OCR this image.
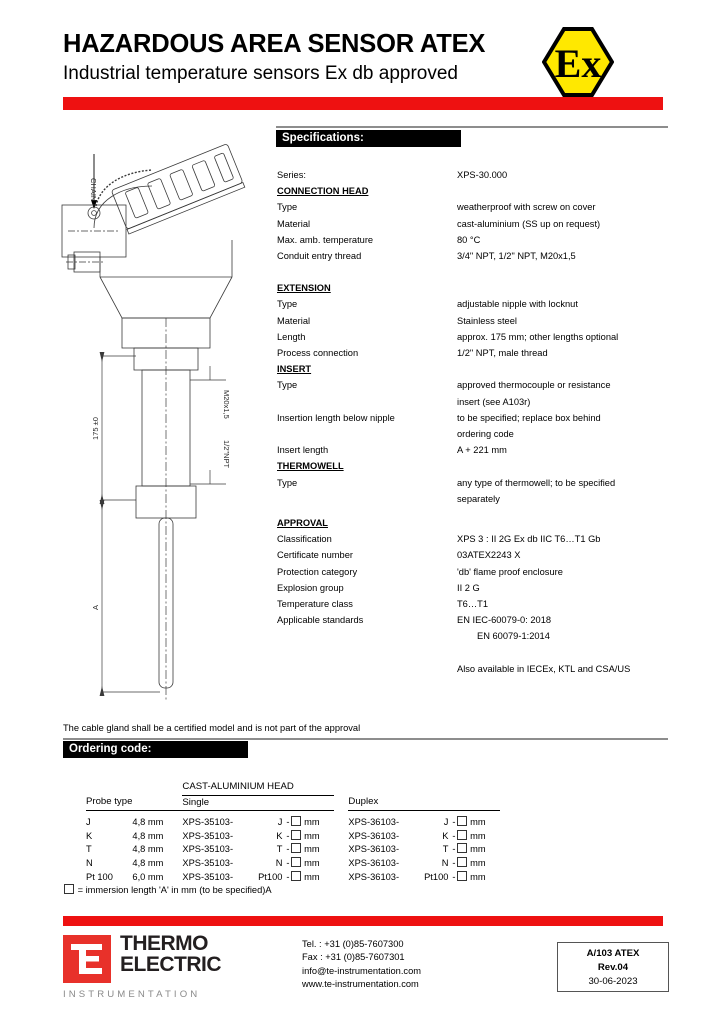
HAZARDOUS AREA SENSOR ATEX
Industrial temperature sensors Ex db approved Εx
CHAIN
175 ±0
M20x1,5
1/2"NPT
A
Specifications:
Series:	XPS-30.000
CONNECTION HEAD
Type	weatherproof with screw on cover
Material	cast-aluminium (SS up on request)
Max. amb. temperature	80 °C
Conduit entry thread	3/4" NPT, 1/2" NPT, M20x1,5
EXTENSION
Type	adjustable nipple with locknut
Material	Stainless steel
Length	approx. 175 mm; other lengths optional
Process connection	1/2" NPT, male thread
INSERT
Type	approved thermocouple or resistance
insert (see A103r)
Insertion length below nipple	to be specified; replace box behind
ordering code
Insert length	A + 221 mm
THERMOWELL
Type	any type of thermowell; to be specified
separately
APPROVAL
Classification	XPS 3 : II 2G Ex db IIC T6…T1 Gb
Certificate number	03ATEX2243 X
Protection category	'db' flame proof enclosure
Explosion group	II 2 G
Temperature class	T6…T1
Applicable standards	EN IEC-60079-0: 2018
EN 60079-1:2014
Also available in IECEx, KTL and CSA/US
The cable gland shall be a certified model and is not part of the approval
Ordering code:
		CAST-ALUMINIUM HEAD						
Probe type		Single				Duplex		
J	4,8 mm	XPS-35103-	J	- mm		XPS-36103-	J	- mm
K	4,8 mm	XPS-35103-	K	- mm		XPS-36103-	K	- mm
T	4,8 mm	XPS-35103-	T	- mm		XPS-36103-	T	- mm
N	4,8 mm	XPS-35103-	N	- mm		XPS-36103-	N	- mm
Pt 100	6,0 mm	XPS-35103-	Pt100	- mm		XPS-36103-	Pt100	- mm
= immersion length 'A' in mm (to be specified)A
THERMO
ELECTRIC
INSTRUMENTATION
Tel. : +31 (0)85-7607300
Fax : +31 (0)85-7607301
info@te-instrumentation.com
www.te-instrumentation.com
A/103 ATEX
Rev.04
30-06-2023
